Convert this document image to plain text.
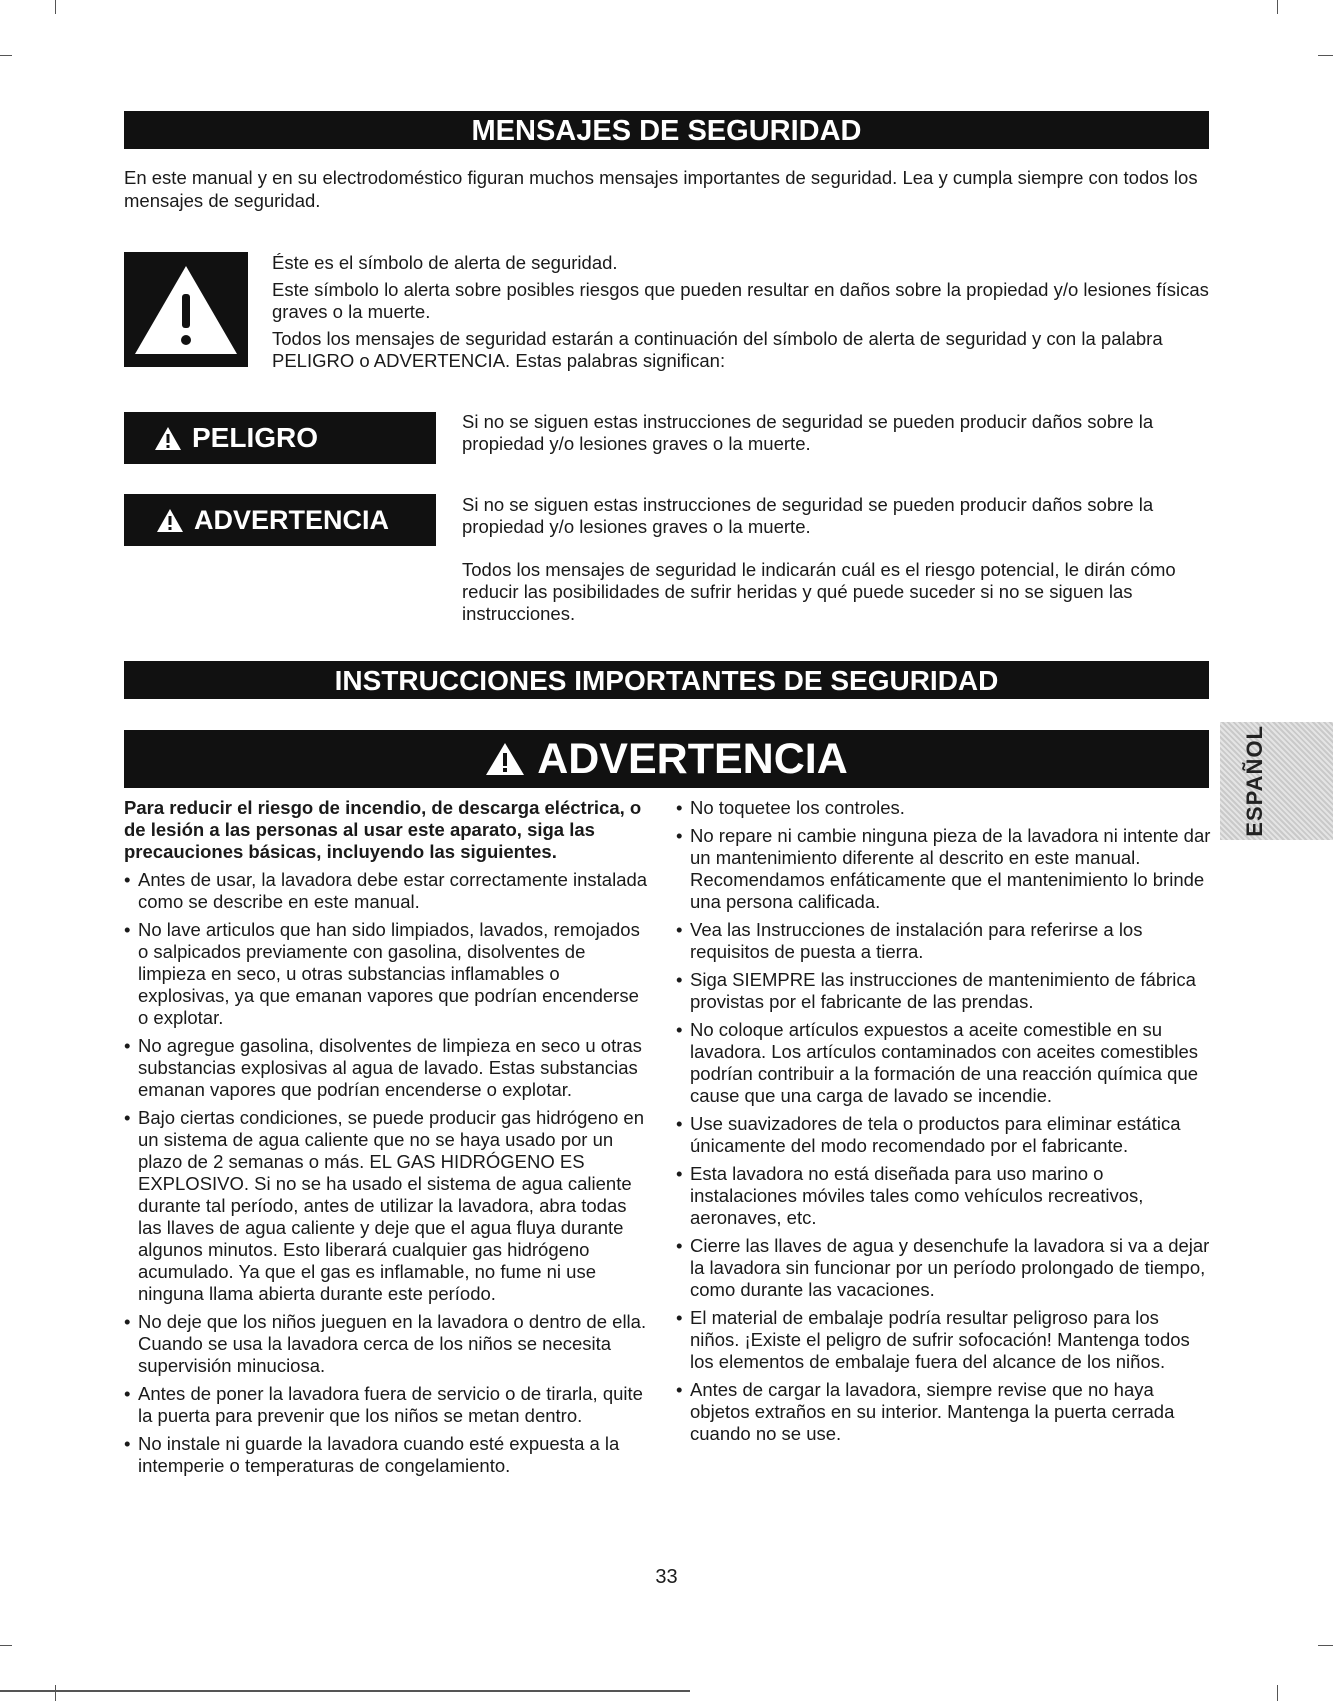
MENSAJES DE SEGURIDAD
En este manual y en su electrodoméstico figuran muchos mensajes importantes de seguridad. Lea y cumpla siempre con todos los mensajes de seguridad.

Éste es el símbolo de alerta de seguridad.

Este símbolo lo alerta sobre posibles riesgos que pueden resultar en daños sobre la propiedad y/o lesiones físicas graves o la muerte.

Todos los mensajes de seguridad estarán a continuación del símbolo de alerta de seguridad y con la palabra PELIGRO o ADVERTENCIA. Estas palabras significan:

PELIGRO
Si no se siguen estas instrucciones de seguridad se pueden producir daños sobre la propiedad y/o lesiones graves o la muerte.
ADVERTENCIA	Si no se siguen estas instrucciones de seguridad se pueden producir daños sobre la propiedad y/o lesiones graves o la muerte.
Todos los mensajes de seguridad le indicarán cuál es el riesgo potencial, le dirán cómo reducir las posibilidades de sufrir heridas y qué puede suceder si no se siguen las instrucciones.
INSTRUCCIONES IMPORTANTES DE SEGURIDAD
ADVERTENCIA

Para reducir el riesgo de incendio, de descarga eléctrica, o de lesión a las personas al usar este aparato, siga las precauciones básicas, incluyendo las siguientes.

• Antes de usar, la lavadora debe estar correctamente instalada como se describe en este manual.
• No lave articulos que han sido limpiados, lavados, remojados o salpicados previamente con gasolina, disolventes de limpieza en seco, u otras substancias inflamables o explosivas, ya que emanan vapores que podrían encenderse o explotar.
• No agregue gasolina, disolventes de limpieza en seco u otras substancias explosivas al agua de lavado. Estas substancias emanan vapores que podrían encenderse o explotar.
• Bajo ciertas condiciones, se puede producir gas hidrógeno en un sistema de agua caliente que no se haya usado por un plazo de 2 semanas o más. EL GAS HIDRÓGENO ES EXPLOSIVO. Si no se ha usado el sistema de agua caliente durante tal período, antes de utilizar la lavadora, abra todas las llaves de agua caliente y deje que el agua fluya durante algunos minutos. Esto liberará cualquier gas hidrógeno acumulado. Ya que el gas es inflamable, no fume ni use ninguna llama abierta durante este período.
• No deje que los niños jueguen en la lavadora o dentro de ella. Cuando se usa la lavadora cerca de los niños se necesita supervisión minuciosa.
• Antes de poner la lavadora fuera de servicio o de tirarla, quite la puerta para prevenir que los niños se metan dentro.
• No instale ni guarde la lavadora cuando esté expuesta a la intemperie o temperaturas de congelamiento.
• No toquetee los controles.
• No repare ni cambie ninguna pieza de la lavadora ni intente dar un mantenimiento diferente al descrito en este manual. Recomendamos enfáticamente que el mantenimiento lo brinde una persona calificada.
• Vea las Instrucciones de instalación para referirse a los requisitos de puesta a tierra.
• Siga SIEMPRE las instrucciones de mantenimiento de fábrica provistas por el fabricante de las prendas.
• No coloque artículos expuestos a aceite comestible en su lavadora. Los artículos contaminados con aceites comestibles podrían contribuir a la formación de una reacción química que cause que una carga de lavado se incendie.
• Use suavizadores de tela o productos para eliminar estática únicamente del modo recomendado por el fabricante.
• Esta lavadora no está diseñada para uso marino o instalaciones móviles tales como vehículos recreativos, aeronaves, etc.
• Cierre las llaves de agua y desenchufe la lavadora si va a dejar la lavadora sin funcionar por un período prolongado de tiempo, como durante las vacaciones.
• El material de embalaje podría resultar peligroso para los niños. ¡Existe el peligro de sufrir sofocación! Mantenga todos los elementos de embalaje fuera del alcance de los niños.
• Antes de cargar la lavadora, siempre revise que no haya objetos extraños en su interior. Mantenga la puerta cerrada cuando no se use.
ESPAÑOL
33
